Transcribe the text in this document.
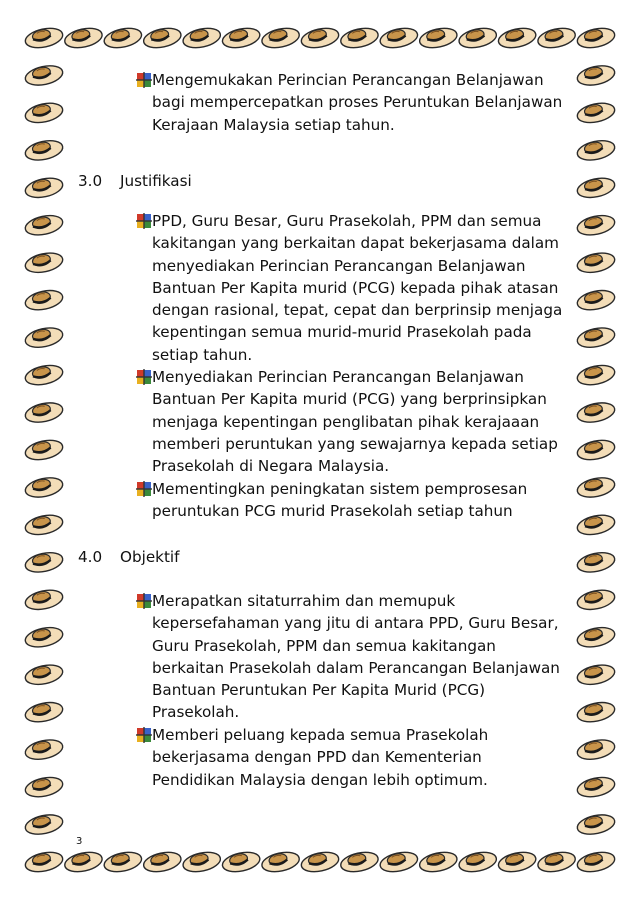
Mengemukakan Perincian Perancangan Belanjawan
bagi mempercepatkan proses Peruntukan Belanjawan
Kerajaan Malaysia setiap tahun.
3.0 Justifikasi
PPD, Guru Besar, Guru Prasekolah, PPM dan semua
kakitangan yang berkaitan dapat bekerjasama dalam
menyediakan Perincian Perancangan Belanjawan
Bantuan Per Kapita murid (PCG) kepada pihak atasan
dengan rasional, tepat, cepat dan berprinsip menjaga
kepentingan semua murid-murid Prasekolah pada
setiap tahun.
Menyediakan Perincian Perancangan Belanjawan
Bantuan Per Kapita murid (PCG) yang berprinsipkan
menjaga kepentingan penglibatan pihak kerajaaan
memberi peruntukan yang sewajarnya kepada setiap
Prasekolah di Negara Malaysia.
Mementingkan peningkatan sistem pemprosesan
peruntukan PCG murid Prasekolah setiap tahun
4.0 Objektif
Merapatkan sitaturrahim dan memupuk
kepersefahaman yang jitu di antara PPD, Guru Besar,
Guru Prasekolah, PPM dan semua kakitangan
berkaitan Prasekolah dalam Perancangan Belanjawan
Bantuan Peruntukan Per Kapita Murid (PCG)
Prasekolah.
Memberi peluang kepada semua Prasekolah
bekerjasama dengan PPD dan Kementerian
Pendidikan Malaysia dengan lebih optimum.
3
